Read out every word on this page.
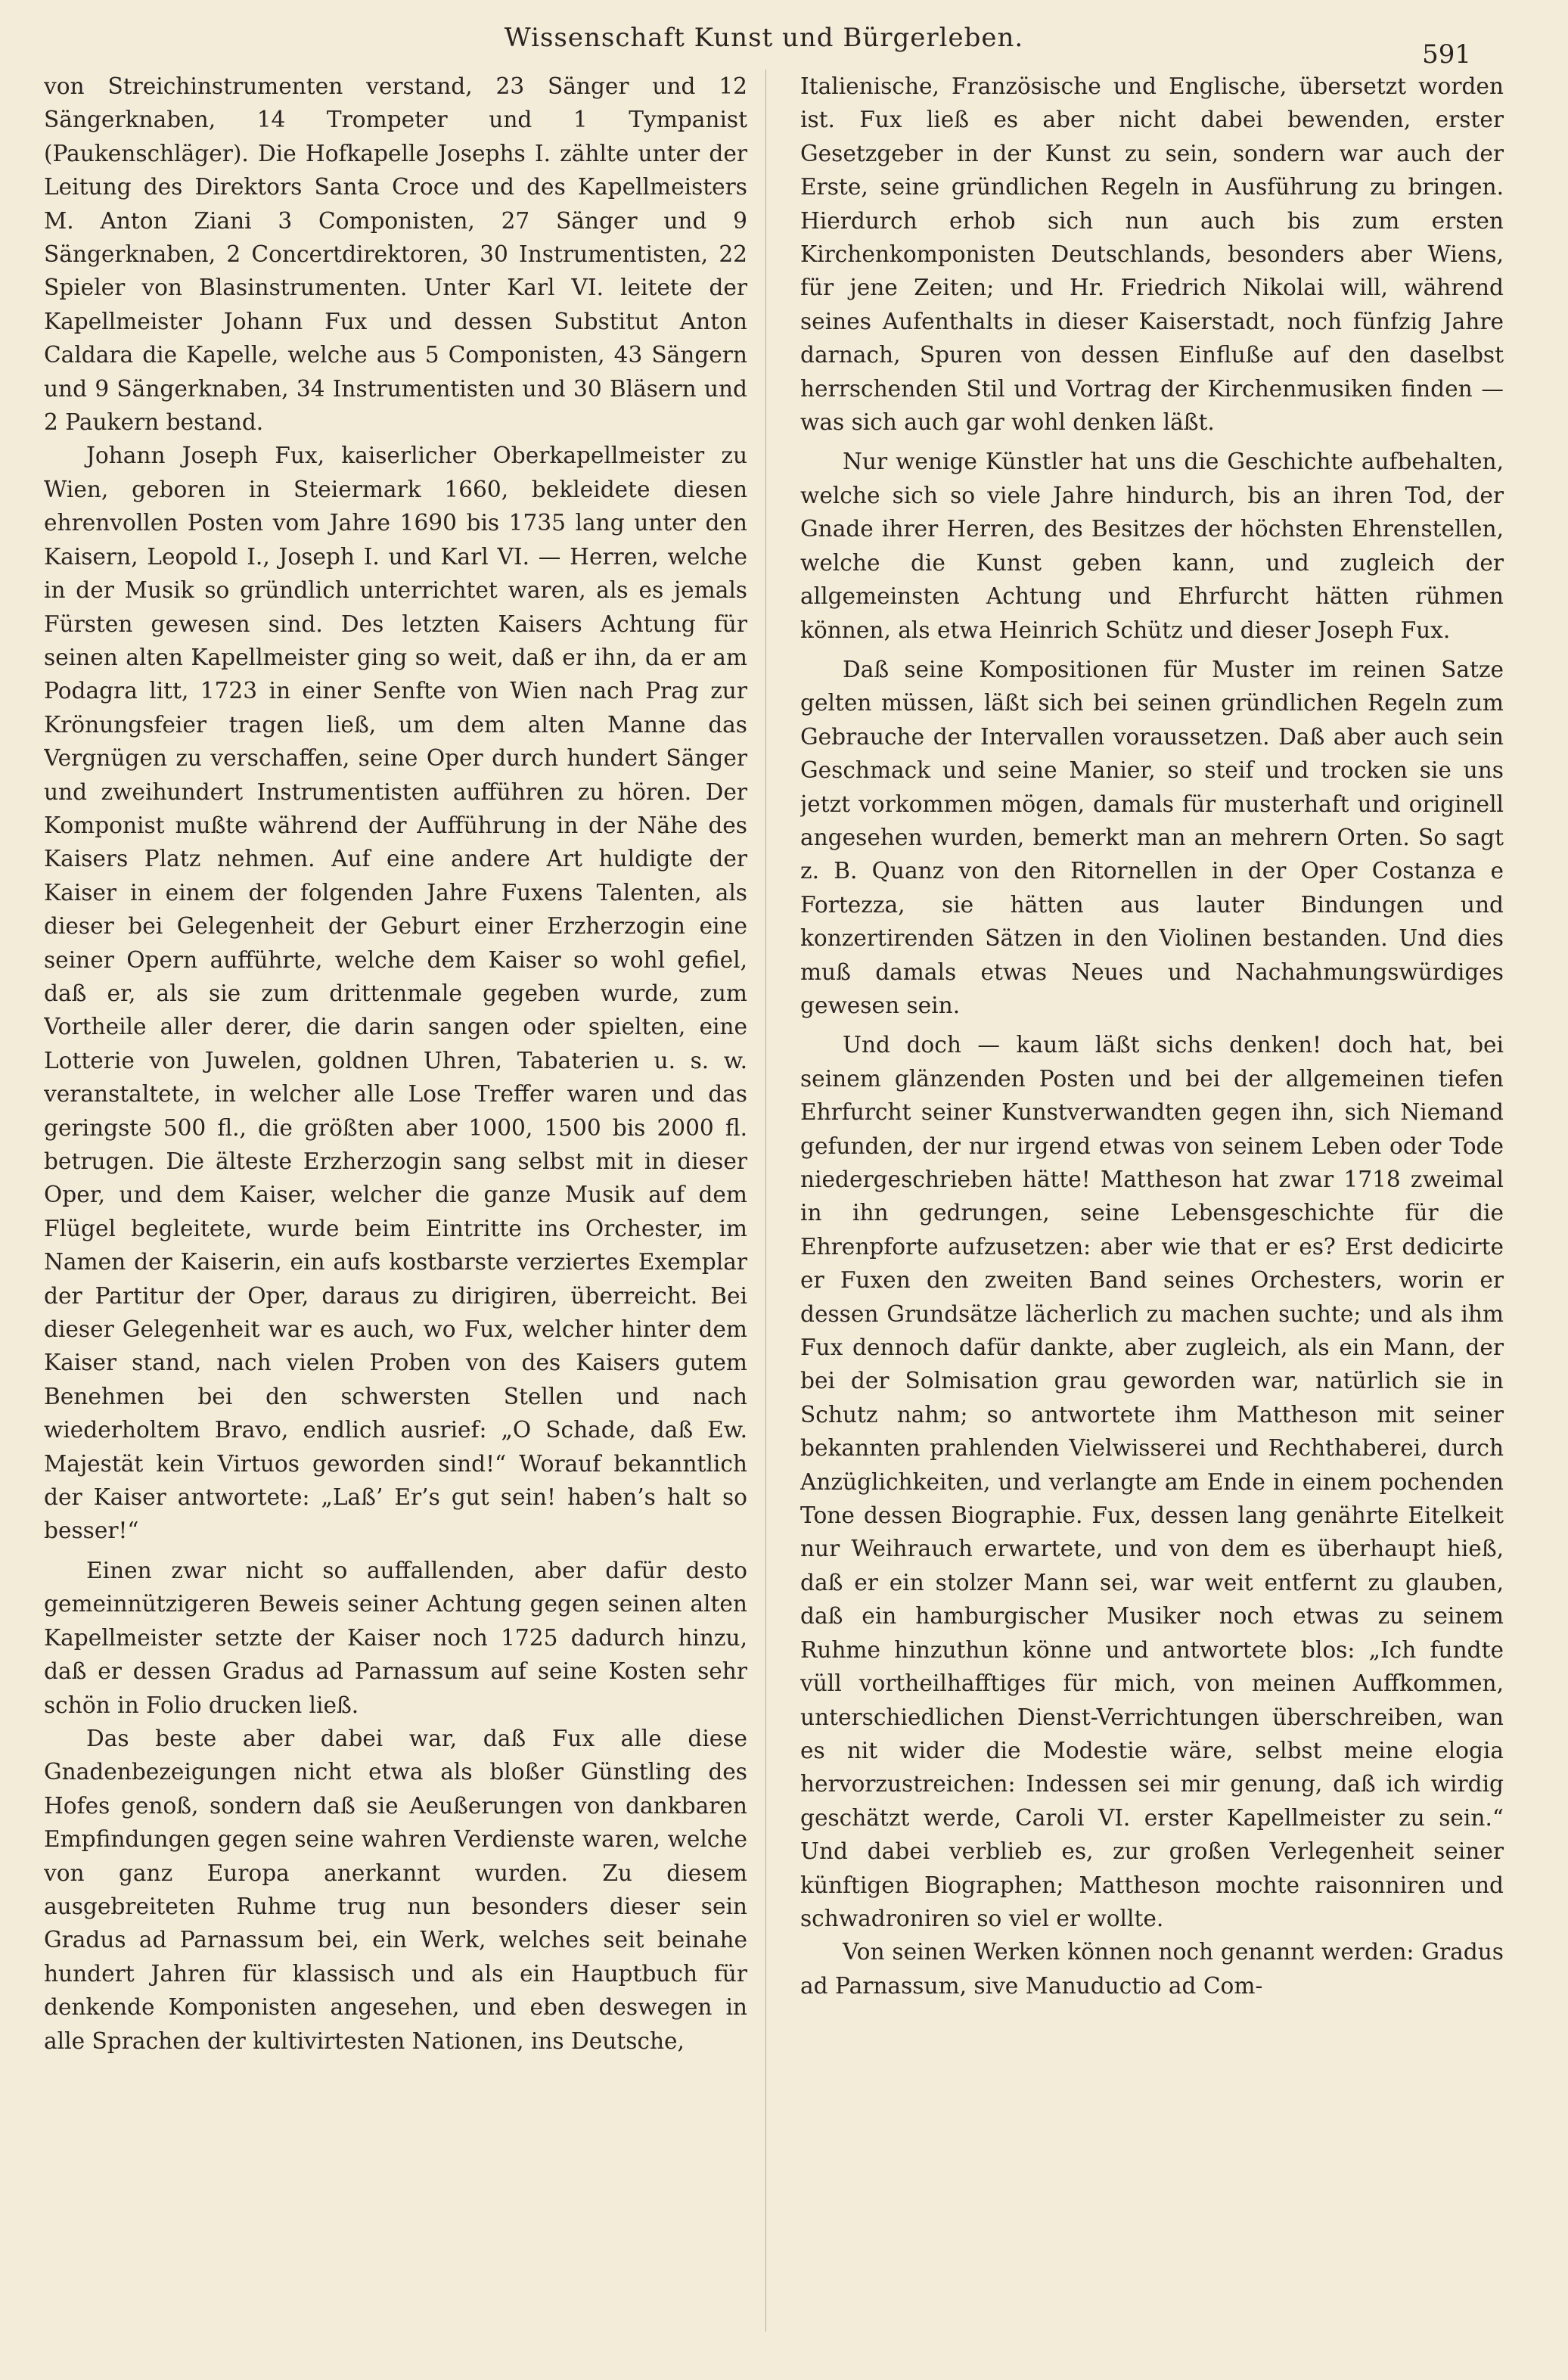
Wissenschaft Kunst und Bürgerleben.
591

von Streichinstrumenten verstand, 23 Sänger und 12 Sängerknaben, 14 Trompeter und 1 Tympanist (Paukenschläger). Die Hofkapelle Josephs I. zählte unter der Leitung des Direktors Santa Croce und des Kapellmeisters M. Anton Ziani 3 Componisten, 27 Sänger und 9 Sängerknaben, 2 Concertdirektoren, 30 Instrumentisten, 22 Spieler von Blasinstrumenten. Unter Karl VI. leitete der Kapellmeister Johann Fux und dessen Substitut Anton Caldara die Kapelle, welche aus 5 Componisten, 43 Sängern und 9 Sängerknaben, 34 Instrumentisten und 30 Bläsern und 2 Paukern bestand.

Johann Joseph Fux, kaiserlicher Oberkapellmeister zu Wien, geboren in Steiermark 1660, bekleidete diesen ehrenvollen Posten vom Jahre 1690 bis 1735 lang unter den Kaisern, Leopold I., Joseph I. und Karl VI. — Herren, welche in der Musik so gründlich unterrichtet waren, als es jemals Fürsten gewesen sind. Des letzten Kaisers Achtung für seinen alten Kapellmeister ging so weit, daß er ihn, da er am Podagra litt, 1723 in einer Senfte von Wien nach Prag zur Krönungsfeier tragen ließ, um dem alten Manne das Vergnügen zu verschaffen, seine Oper durch hundert Sänger und zweihundert Instrumentisten aufführen zu hören. Der Komponist mußte während der Aufführung in der Nähe des Kaisers Platz nehmen. Auf eine andere Art huldigte der Kaiser in einem der folgenden Jahre Fuxens Talenten, als dieser bei Gelegenheit der Geburt einer Erzherzogin eine seiner Opern aufführte, welche dem Kaiser so wohl gefiel, daß er, als sie zum drittenmale gegeben wurde, zum Vortheile aller derer, die darin sangen oder spielten, eine Lotterie von Juwelen, goldnen Uhren, Tabaterien u. s. w. veranstaltete, in welcher alle Lose Treffer waren und das geringste 500 fl., die größten aber 1000, 1500 bis 2000 fl. betrugen. Die älteste Erzherzogin sang selbst mit in dieser Oper, und dem Kaiser, welcher die ganze Musik auf dem Flügel begleitete, wurde beim Eintritte ins Orchester, im Namen der Kaiserin, ein aufs kostbarste verziertes Exemplar der Partitur der Oper, daraus zu dirigiren, überreicht. Bei dieser Gelegenheit war es auch, wo Fux, welcher hinter dem Kaiser stand, nach vielen Proben von des Kaisers gutem Benehmen bei den schwersten Stellen und nach wiederholtem Bravo, endlich ausrief: „O Schade, daß Ew. Majestät kein Virtuos geworden sind!“ Worauf bekanntlich der Kaiser antwortete: „Laß’ Er’s gut sein! haben’s halt so besser!“

Einen zwar nicht so auffallenden, aber dafür desto gemeinnützigeren Beweis seiner Achtung gegen seinen alten Kapellmeister setzte der Kaiser noch 1725 dadurch hinzu, daß er dessen Gradus ad Parnassum auf seine Kosten sehr schön in Folio drucken ließ.

Das beste aber dabei war, daß Fux alle diese Gnadenbezeigungen nicht etwa als bloßer Günstling des Hofes genoß, sondern daß sie Aeußerungen von dankbaren Empfindungen gegen seine wahren Verdienste waren, welche von ganz Europa anerkannt wurden. Zu diesem ausgebreiteten Ruhme trug nun besonders dieser sein Gradus ad Parnassum bei, ein Werk, welches seit beinahe hundert Jahren für klassisch und als ein Hauptbuch für denkende Komponisten angesehen, und eben deswegen in alle Sprachen der kultivirtesten Nationen, ins Deutsche,

Italienische, Französische und Englische, übersetzt worden ist. Fux ließ es aber nicht dabei bewenden, erster Gesetzgeber in der Kunst zu sein, sondern war auch der Erste, seine gründlichen Regeln in Ausführung zu bringen. Hierdurch erhob sich nun auch bis zum ersten Kirchenkomponisten Deutschlands, besonders aber Wiens, für jene Zeiten; und Hr. Friedrich Nikolai will, während seines Aufenthalts in dieser Kaiserstadt, noch fünfzig Jahre darnach, Spuren von dessen Einfluße auf den daselbst herrschenden Stil und Vortrag der Kirchenmusiken finden — was sich auch gar wohl denken läßt.

Nur wenige Künstler hat uns die Geschichte aufbehalten, welche sich so viele Jahre hindurch, bis an ihren Tod, der Gnade ihrer Herren, des Besitzes der höchsten Ehrenstellen, welche die Kunst geben kann, und zugleich der allgemeinsten Achtung und Ehrfurcht hätten rühmen können, als etwa Heinrich Schütz und dieser Joseph Fux.

Daß seine Kompositionen für Muster im reinen Satze gelten müssen, läßt sich bei seinen gründlichen Regeln zum Gebrauche der Intervallen voraussetzen. Daß aber auch sein Geschmack und seine Manier, so steif und trocken sie uns jetzt vorkommen mögen, damals für musterhaft und originell angesehen wurden, bemerkt man an mehrern Orten. So sagt z. B. Quanz von den Ritornellen in der Oper Costanza e Fortezza, sie hätten aus lauter Bindungen und konzertirenden Sätzen in den Violinen bestanden. Und dies muß damals etwas Neues und Nachahmungswürdiges gewesen sein.

Und doch — kaum läßt sichs denken! doch hat, bei seinem glänzenden Posten und bei der allgemeinen tiefen Ehrfurcht seiner Kunstverwandten gegen ihn, sich Niemand gefunden, der nur irgend etwas von seinem Leben oder Tode niedergeschrieben hätte! Mattheson hat zwar 1718 zweimal in ihn gedrungen, seine Lebensgeschichte für die Ehrenpforte aufzusetzen: aber wie that er es? Erst dedicirte er Fuxen den zweiten Band seines Orchesters, worin er dessen Grundsätze lächerlich zu machen suchte; und als ihm Fux dennoch dafür dankte, aber zugleich, als ein Mann, der bei der Solmisation grau geworden war, natürlich sie in Schutz nahm; so antwortete ihm Mattheson mit seiner bekannten prahlenden Vielwisserei und Rechthaberei, durch Anzüglichkeiten, und verlangte am Ende in einem pochenden Tone dessen Biographie. Fux, dessen lang genährte Eitelkeit nur Weihrauch erwartete, und von dem es überhaupt hieß, daß er ein stolzer Mann sei, war weit entfernt zu glauben, daß ein hamburgischer Musiker noch etwas zu seinem Ruhme hinzuthun könne und antwortete blos: „Ich fundte vüll vortheilhafftiges für mich, von meinen Auffkommen, unterschiedlichen Dienst-Verrichtungen überschreiben, wan es nit wider die Modestie wäre, selbst meine elogia hervorzustreichen: Indessen sei mir genung, daß ich wirdig geschätzt werde, Caroli VI. erster Kapellmeister zu sein.“ Und dabei verblieb es, zur großen Verlegenheit seiner künftigen Biographen; Mattheson mochte raisonniren und schwadroniren so viel er wollte.

Von seinen Werken können noch genannt werden: Gradus ad Parnassum, sive Manuductio ad Com-
